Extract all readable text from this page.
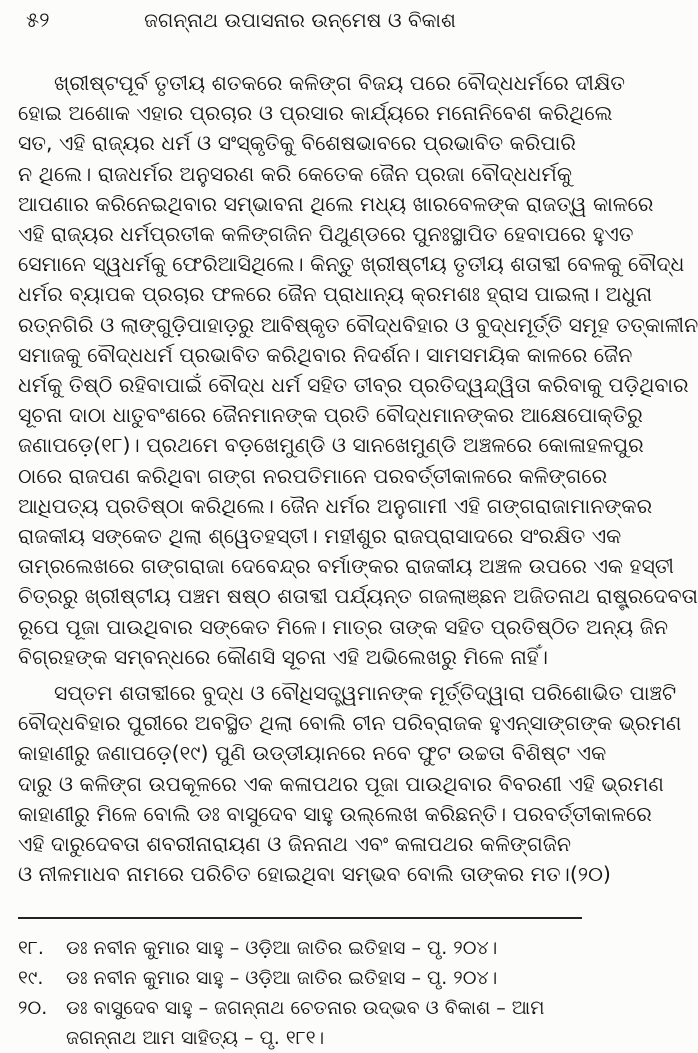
୫୨	ଜଗନ୍ନାଥ ଉପାସନାର ଉନ୍ମେଷ ଓ ବିକାଶ

ଖ୍ରୀଷ୍ଟପୂର୍ବ ତୃତୀୟ ଶତକରେ କଳିଙ୍ଗ ବିଜୟ ପରେ ବୌଦ୍ଧଧର୍ମରେ ଦୀକ୍ଷିତ
ହୋଇ ଅଶୋକ ଏହାର ପ୍ରଚାର ଓ ପ୍ରସାର କାର୍ଯ୍ୟରେ ମନୋନିବେଶ କରିଥିଲେ
ସତ, ଏହି ରାଜ୍ୟର ଧର୍ମ ଓ ସଂସ୍କୃତିକୁ ବିଶେଷଭାବରେ ପ୍ରଭାବିତ କରିପାରି
ନ ଥିଲେ। ରାଜଧର୍ମର ଅନୁସରଣ କରି କେତେକ ଜୈନ ପ୍ରଜା ବୌଦ୍ଧଧର୍ମକୁ
ଆପଣାର କରିନେଇଥିବାର ସମ୍ଭାବନା ଥିଲେ ମଧ୍ୟ ଖାରବେଳଙ୍କ ରାଜତ୍ୱ କାଳରେ
ଏହି ରାଜ୍ୟର ଧର୍ମପ୍ରତୀକ କଳିଙ୍ଗଜିନ ପିଥୁଣ୍ଡରେ ପୁନଃସ୍ଥାପିତ ହେବାପରେ ହୁଏତ
ସେମାନେ ସ୍ୱଧର୍ମକୁ ଫେରିଆସିଥିଲେ। କିନ୍ତୁ ଖ୍ରୀଷ୍ଟୀୟ ତୃତୀୟ ଶତାବ୍ଦୀ ବେଳକୁ ବୌଦ୍ଧ
ଧର୍ମର ବ୍ୟାପକ ପ୍ରଚାର ଫଳରେ ଜୈନ ପ୍ରାଧାନ୍ୟ କ୍ରମଶଃ ହ୍ରାସ ପାଇଲା। ଅଧୁନା
ରତ୍ନଗିରି ଓ ଲାଙ୍ଗୁଡ଼ିପାହାଡ଼ରୁ ଆବିଷ୍କୃତ ବୌଦ୍ଧବିହାର ଓ ବୁଦ୍ଧମୂର୍ତ୍ତି ସମୂହ ତତ୍କାଳୀନ
ସମାଜକୁ ବୌଦ୍ଧଧର୍ମ ପ୍ରଭାବିତ କରିଥିବାର ନିଦର୍ଶନ। ସାମସମୟିକ କାଳରେ ଜୈନ
ଧର୍ମକୁ ତିଷ୍ଠି ରହିବାପାଇଁ ବୌଦ୍ଧ ଧର୍ମ ସହିତ ତୀବ୍ର ପ୍ରତିଦ୍ୱନ୍ଦ୍ୱିତା କରିବାକୁ ପଡ଼ିଥିବାର
ସୂଚନା ଦାଠା ଧାତୁବଂଶରେ ଜୈନମାନଙ୍କ ପ୍ରତି ବୌଦ୍ଧମାନଙ୍କର ଆକ୍ଷେପୋକ୍ତିରୁ
ଜଣାପଡ଼େ(୧୮)। ପ୍ରଥମେ ବଡ଼ଖେମୁଣ୍ଡି ଓ ସାନଖେମୁଣ୍ଡି ଅଞ୍ଚଳରେ କୋଳାହଳପୁର
ଠାରେ ରାଜପଣ କରିଥିବା ଗଙ୍ଗ ନରପତିମାନେ ପରବର୍ତ୍ତୀକାଳରେ କଳିଙ୍ଗରେ
ଆଧିପତ୍ୟ ପ୍ରତିଷ୍ଠା କରିଥିଲେ। ଜୈନ ଧର୍ମର ଅନୁଗାମୀ ଏହି ଗଙ୍ଗରାଜାମାନଙ୍କର
ରାଜକୀୟ ସଙ୍କେତ ଥିଲା ଶ୍ୱେତହସ୍ତୀ। ମହୀଶୁର ରାଜପ୍ରାସାଦରେ ସଂରକ୍ଷିତ ଏକ
ତାମ୍ରଲେଖରେ ଗଙ୍ଗରାଜା ଦେବେନ୍ଦ୍ର ବର୍ମାଙ୍କର ରାଜକୀୟ ଅଞ୍ଚଳ ଉପରେ ଏକ ହସ୍ତୀ
ଚିତ୍ରରୁ ଖ୍ରୀଷ୍ଟୀୟ ପଞ୍ଚମ ଷଷ୍ଠ ଶତାବ୍ଦୀ ପର୍ଯ୍ୟନ୍ତ ଗଜଲାଞ୍ଛନ ଅଜିତନାଥ ରାଷ୍ଟ୍ରଦେବତା
ରୂପେ ପୂଜା ପାଉଥିବାର ସଙ୍କେତ ମିଳେ। ମାତ୍ର ତାଙ୍କ ସହିତ ପ୍ରତିଷ୍ଠିତ ଅନ୍ୟ ଜିନ
ବିଗ୍ରହଙ୍କ ସମ୍ବନ୍ଧରେ କୌଣସି ସୂଚନା ଏହି ଅଭିଲେଖରୁ ମିଳେ ନାହିଁ।

ସପ୍ତମ ଶତାବ୍ଦୀରେ ବୁଦ୍ଧ ଓ ବୌଧିସତ୍ତ୍ୱମାନଙ୍କ ମୂର୍ତ୍ତିଦ୍ୱାରା ପରିଶୋଭିତ ପାଞ୍ଚଟି
ବୌଦ୍ଧବିହାର ପୁରୀରେ ଅବସ୍ଥିତ ଥିଲା ବୋଲି ଚୀନ ପରିବ୍ରାଜକ ହୁଏନ୍‌ସାଙ୍ଗଙ୍କ ଭ୍ରମଣ
କାହାଣୀରୁ ଜଣାପଡ଼େ(୧୯) ପୁଣି ଉଡ୍ଡୀୟାନରେ ନବେ ଫୁଟ ଉଚ୍ଚତା ବିଶିଷ୍ଟ ଏକ
ଦାରୁ ଓ କଳିଙ୍ଗ ଉପକୂଳରେ ଏକ କଳାପଥର ପୂଜା ପାଉଥିବାର ବିବରଣୀ ଏହି ଭ୍ରମଣ
କାହାଣୀରୁ ମିଳେ ବୋଲି ଡଃ ବାସୁଦେବ ସାହୁ ଉଲ୍ଲେଖ କରିଛନ୍ତି। ପରବର୍ତ୍ତୀକାଳରେ
ଏହି ଦାରୁଦେବତା ଶବରୀନାରାୟଣ ଓ ଜିନନାଥ ଏବଂ କଳାପଥର କଳିଙ୍ଗଜିନ
ଓ ନୀଳମାଧବ ନାମରେ ପରିଚିତ ହୋଇଥିବା ସମ୍ଭବ ବୋଲି ତାଙ୍କର ମତ।(୨୦)

୧୮. ଡଃ ନବୀନ କୁମାର ସାହୁ – ଓଡ଼ିଆ ଜାତିର ଇତିହାସ – ପୃ. ୨୦୪।
୧୯. ଡଃ ନବୀନ କୁମାର ସାହୁ – ଓଡ଼ିଆ ଜାତିର ଇତିହାସ – ପୃ. ୨୦୪।
୨୦. ଡଃ ବାସୁଦେବ ସାହୁ – ଜଗନ୍ନାଥ ଚେତନାର ଉଦ୍‌ଭବ ଓ ବିକାଶ – ଆମ
ଜଗନ୍ନାଥ ଆମ ସାହିତ୍ୟ – ପୃ. ୧୮୧।
